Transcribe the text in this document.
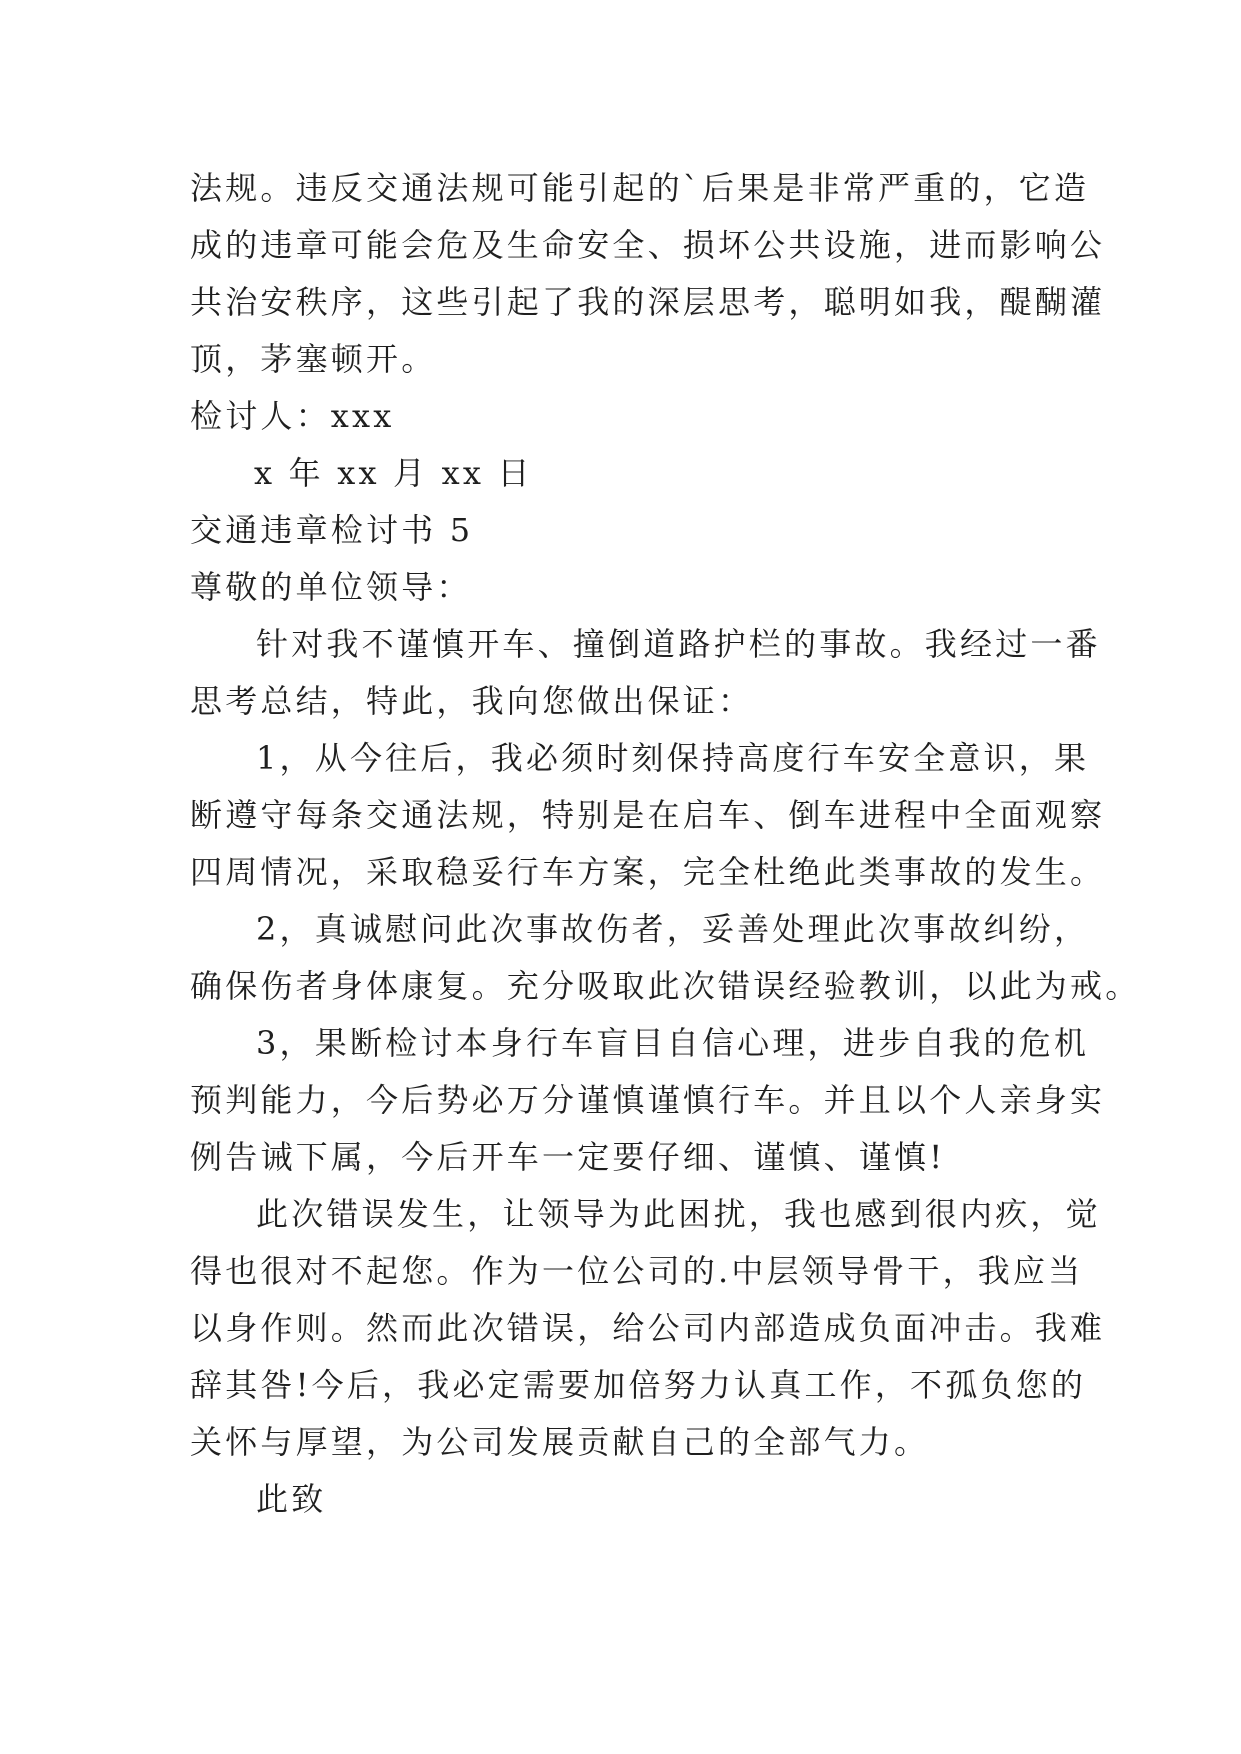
法规。违反交通法规可能引起的`后果是非常严重的，它造
成的违章可能会危及生命安全、损坏公共设施，进而影响公
共治安秩序，这些引起了我的深层思考，聪明如我，醍醐灌
顶，茅塞顿开。
检讨人：xxx
x 年 xx 月 xx 日
交通违章检讨书 5
尊敬的单位领导：
针对我不谨慎开车、撞倒道路护栏的事故。我经过一番
思考总结，特此，我向您做出保证：
1，从今往后，我必须时刻保持高度行车安全意识，果
断遵守每条交通法规，特别是在启车、倒车进程中全面观察
四周情况，采取稳妥行车方案，完全杜绝此类事故的发生。
2，真诚慰问此次事故伤者，妥善处理此次事故纠纷，
确保伤者身体康复。充分吸取此次错误经验教训，以此为戒。
3，果断检讨本身行车盲目自信心理，进步自我的危机
预判能力，今后势必万分谨慎谨慎行车。并且以个人亲身实
例告诫下属，今后开车一定要仔细、谨慎、谨慎!
此次错误发生，让领导为此困扰，我也感到很内疚，觉
得也很对不起您。作为一位公司的.中层领导骨干，我应当
以身作则。然而此次错误，给公司内部造成负面冲击。我难
辞其咎!今后，我必定需要加倍努力认真工作，不孤负您的
关怀与厚望，为公司发展贡献自己的全部气力。
此致
